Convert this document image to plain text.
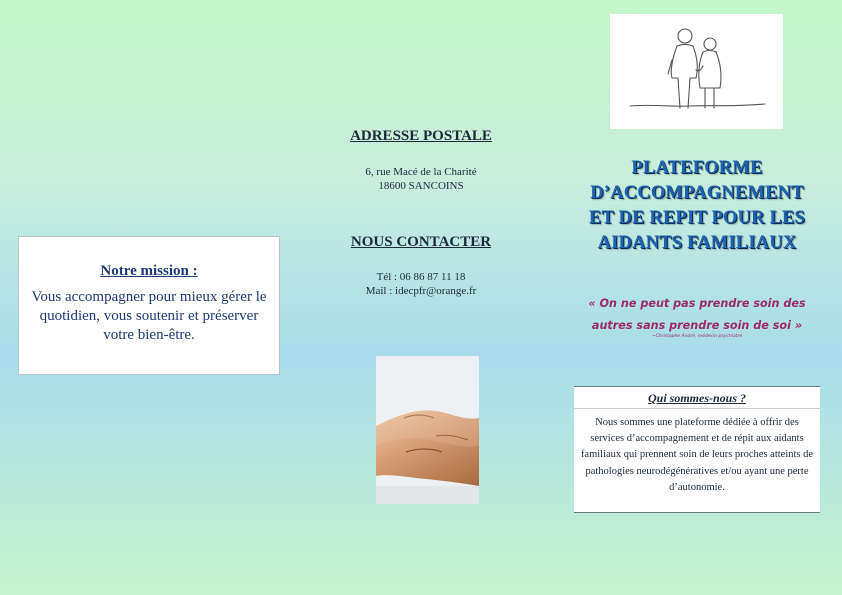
Notre mission :
Vous accompagner pour mieux gérer le quotidien, vous soutenir et préserver votre bien-être.
ADRESSE POSTALE
6, rue Macé de la Charité
18600 SANCOINS
NOUS CONTACTER
Tél : 06 86 87 11 18
Mail : idecpfr@orange.fr
PLATEFORME
D’ACCOMPAGNEMENT
ET DE REPIT POUR LES
AIDANTS FAMILIAUX
« On ne peut pas prendre soin des autres sans prendre soin de soi »
~Christophe André, médecin psychiatre
Qui sommes-nous ?
Nous sommes une plateforme dédiée à offrir des services d’accompagnement et de répit aux aidants familiaux qui prennent soin de leurs proches atteints de pathologies neurodégénératives et/ou ayant une perte d’autonomie.
